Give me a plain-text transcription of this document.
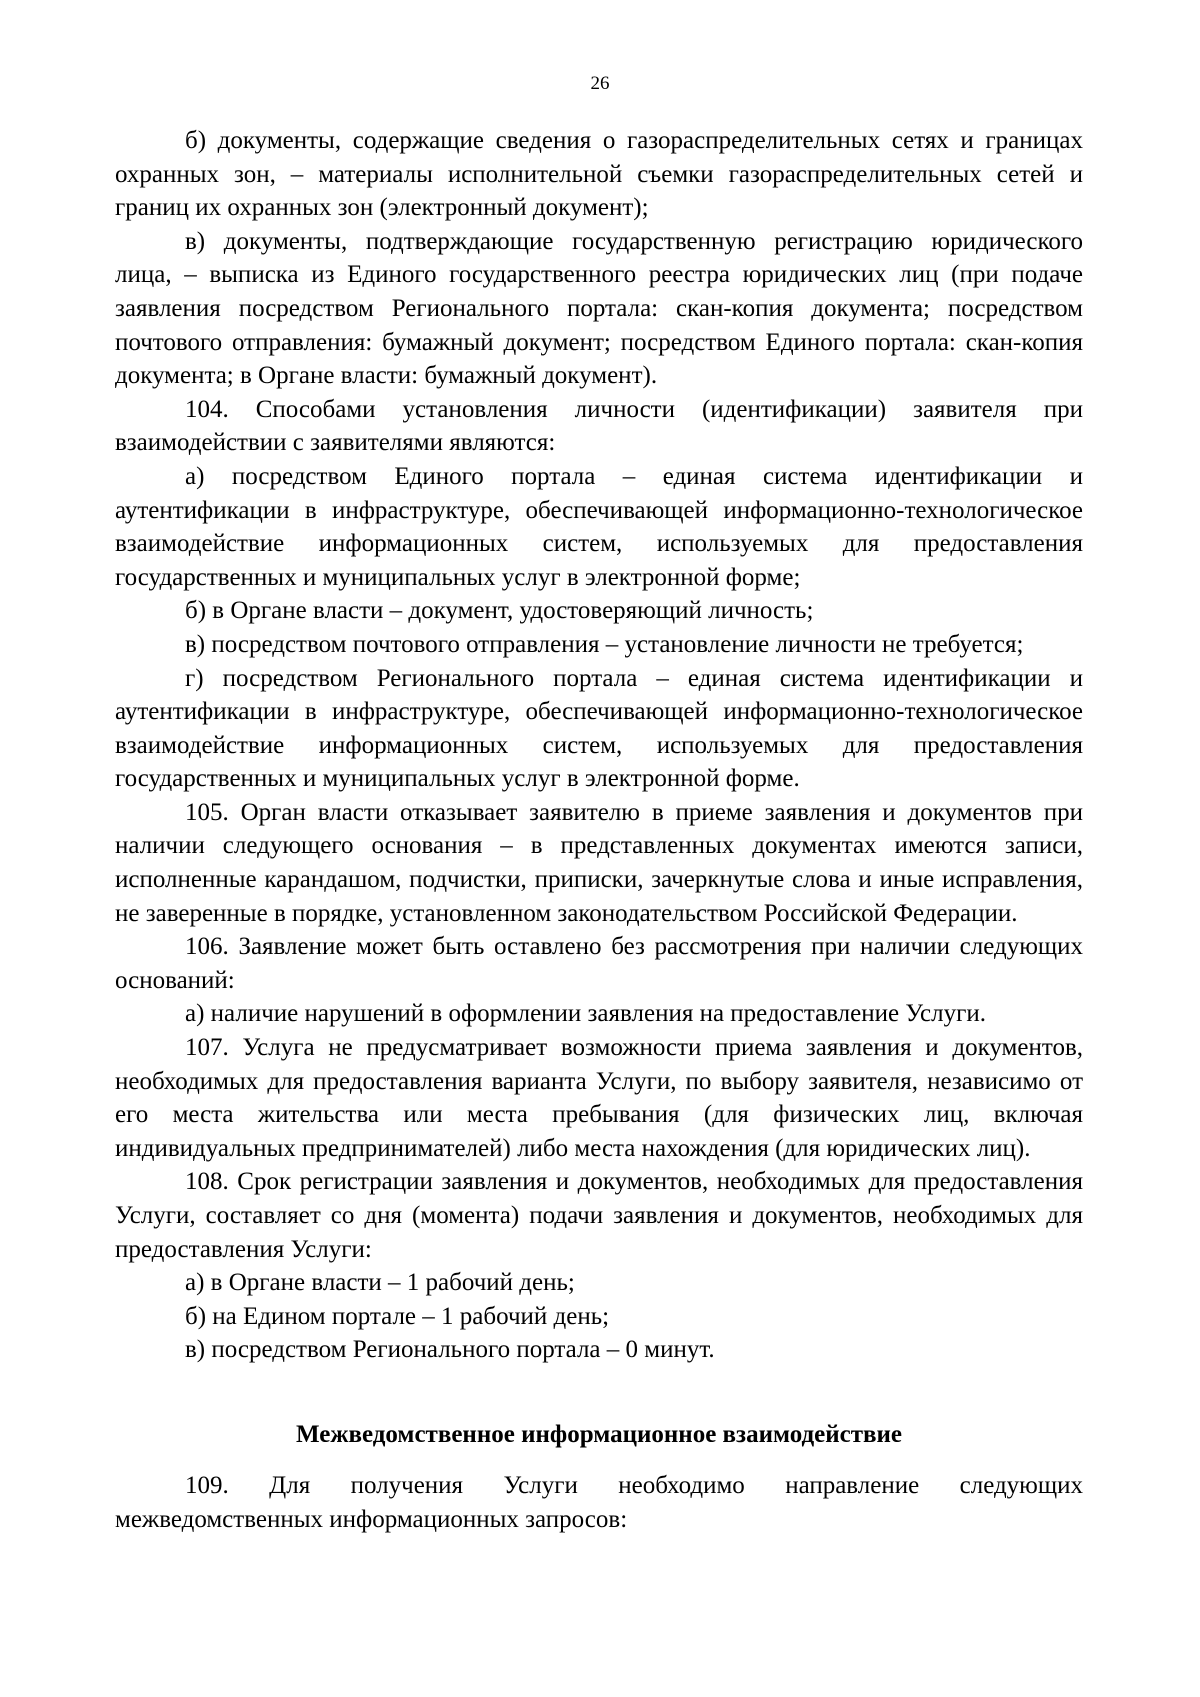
26

б) документы, содержащие сведения о газораспределительных сетях и границах охранных зон, – материалы исполнительной съемки газораспределительных сетей и границ их охранных зон (электронный документ);

в) документы, подтверждающие государственную регистрацию юридического лица, – выписка из Единого государственного реестра юридических лиц (при подаче заявления посредством Регионального портала: скан-копия документа; посредством почтового отправления: бумажный документ; посредством Единого портала: скан-копия документа; в Органе власти: бумажный документ).

104. Способами установления личности (идентификации) заявителя при взаимодействии с заявителями являются:

а) посредством Единого портала – единая система идентификации и аутентификации в инфраструктуре, обеспечивающей информационно-технологическое взаимодействие информационных систем, используемых для предоставления государственных и муниципальных услуг в электронной форме;

б) в Органе власти – документ, удостоверяющий личность;

в) посредством почтового отправления – установление личности не требуется;

г) посредством Регионального портала – единая система идентификации и аутентификации в инфраструктуре, обеспечивающей информационно-технологическое взаимодействие информационных систем, используемых для предоставления государственных и муниципальных услуг в электронной форме.

105. Орган власти отказывает заявителю в приеме заявления и документов при наличии следующего основания – в представленных документах имеются записи, исполненные карандашом, подчистки, приписки, зачеркнутые слова и иные исправления, не заверенные в порядке, установленном законодательством Российской Федерации.

106. Заявление может быть оставлено без рассмотрения при наличии следующих оснований:

а) наличие нарушений в оформлении заявления на предоставление Услуги.

107. Услуга не предусматривает возможности приема заявления и документов, необходимых для предоставления варианта Услуги, по выбору заявителя, независимо от его места жительства или места пребывания (для физических лиц, включая индивидуальных предпринимателей) либо места нахождения (для юридических лиц).

108. Срок регистрации заявления и документов, необходимых для предоставления Услуги, составляет со дня (момента) подачи заявления и документов, необходимых для предоставления Услуги:

а) в Органе власти – 1 рабочий день;

б) на Едином портале – 1 рабочий день;

в) посредством Регионального портала – 0 минут.

Межведомственное информационное взаимодействие

109. Для получения Услуги необходимо направление следующих межведомственных информационных запросов:
